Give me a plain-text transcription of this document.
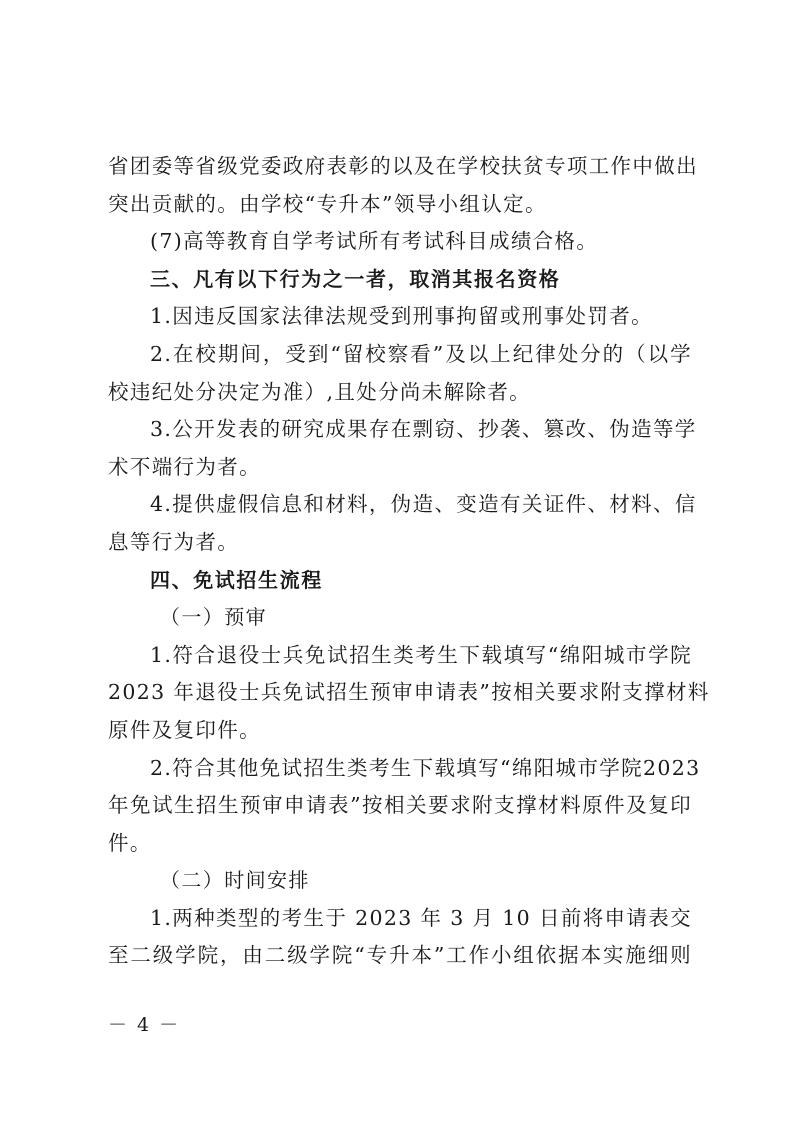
省团委等省级党委政府表彰的以及在学校扶贫专项工作中做出
突出贡献的。由学校“专升本”领导小组认定。
(7)高等教育自学考试所有考试科目成绩合格。
三、凡有以下行为之一者，取消其报名资格
1.因违反国家法律法规受到刑事拘留或刑事处罚者。
2.在校期间，受到“留校察看”及以上纪律处分的（以学
校违纪处分决定为准）,且处分尚未解除者。
3.公开发表的研究成果存在剽窃、抄袭、篡改、伪造等学
术不端行为者。
4.提供虚假信息和材料，伪造、变造有关证件、材料、信
息等行为者。
四、免试招生流程
（一）预审
1.符合退役士兵免试招生类考生下载填写“绵阳城市学院
2023 年退役士兵免试招生预审申请表”按相关要求附支撑材料
原件及复印件。
2.符合其他免试招生类考生下载填写“绵阳城市学院2023
年免试生招生预审申请表”按相关要求附支撑材料原件及复印
件。
（二）时间安排
1.两种类型的考生于 2023 年 3 月 10 日前将申请表交
至二级学院，由二级学院“专升本”工作小组依据本实施细则
－ 4 －
